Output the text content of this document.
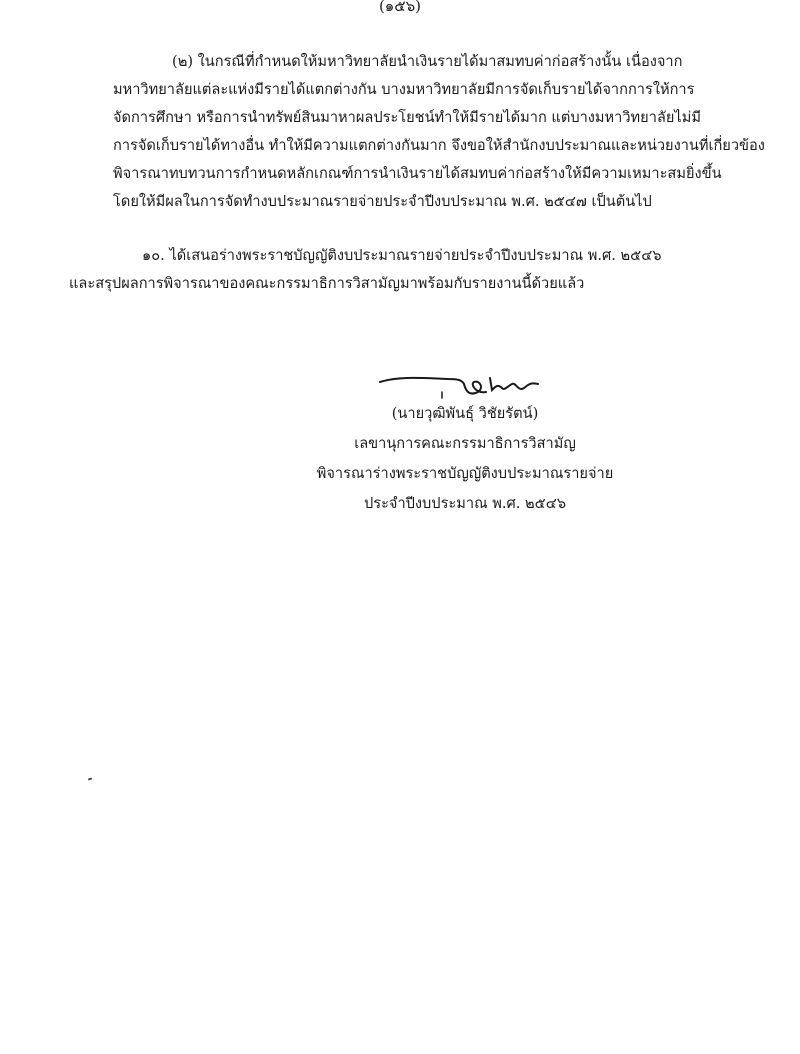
(๑๕๖)
(๒) ในกรณีที่กำหนดให้มหาวิทยาลัยนำเงินรายได้มาสมทบค่าก่อสร้างนั้น เนื่องจาก
มหาวิทยาลัยแต่ละแห่งมีรายได้แตกต่างกัน บางมหาวิทยาลัยมีการจัดเก็บรายได้จากการให้การ
จัดการศึกษา หรือการนำทรัพย์สินมาหาผลประโยชน์ทำให้มีรายได้มาก แต่บางมหาวิทยาลัยไม่มี
การจัดเก็บรายได้ทางอื่น ทำให้มีความแตกต่างกันมาก จึงขอให้สำนักงบประมาณและหน่วยงานที่เกี่ยวข้อง
พิจารณาทบทวนการกำหนดหลักเกณฑ์การนำเงินรายได้สมทบค่าก่อสร้างให้มีความเหมาะสมยิ่งขึ้น
โดยให้มีผลในการจัดทำงบประมาณรายจ่ายประจำปีงบประมาณ พ.ศ. ๒๕๔๗ เป็นต้นไป
๑๐. ได้เสนอร่างพระราชบัญญัติงบประมาณรายจ่ายประจำปีงบประมาณ พ.ศ. ๒๕๔๖
และสรุปผลการพิจารณาของคณะกรรมาธิการวิสามัญมาพร้อมกับรายงานนี้ด้วยแล้ว
(นายวุฒิพันธุ์ วิชัยรัตน์)
เลขานุการคณะกรรมาธิการวิสามัญ
พิจารณาร่างพระราชบัญญัติงบประมาณรายจ่าย
ประจำปีงบประมาณ พ.ศ. ๒๕๔๖
